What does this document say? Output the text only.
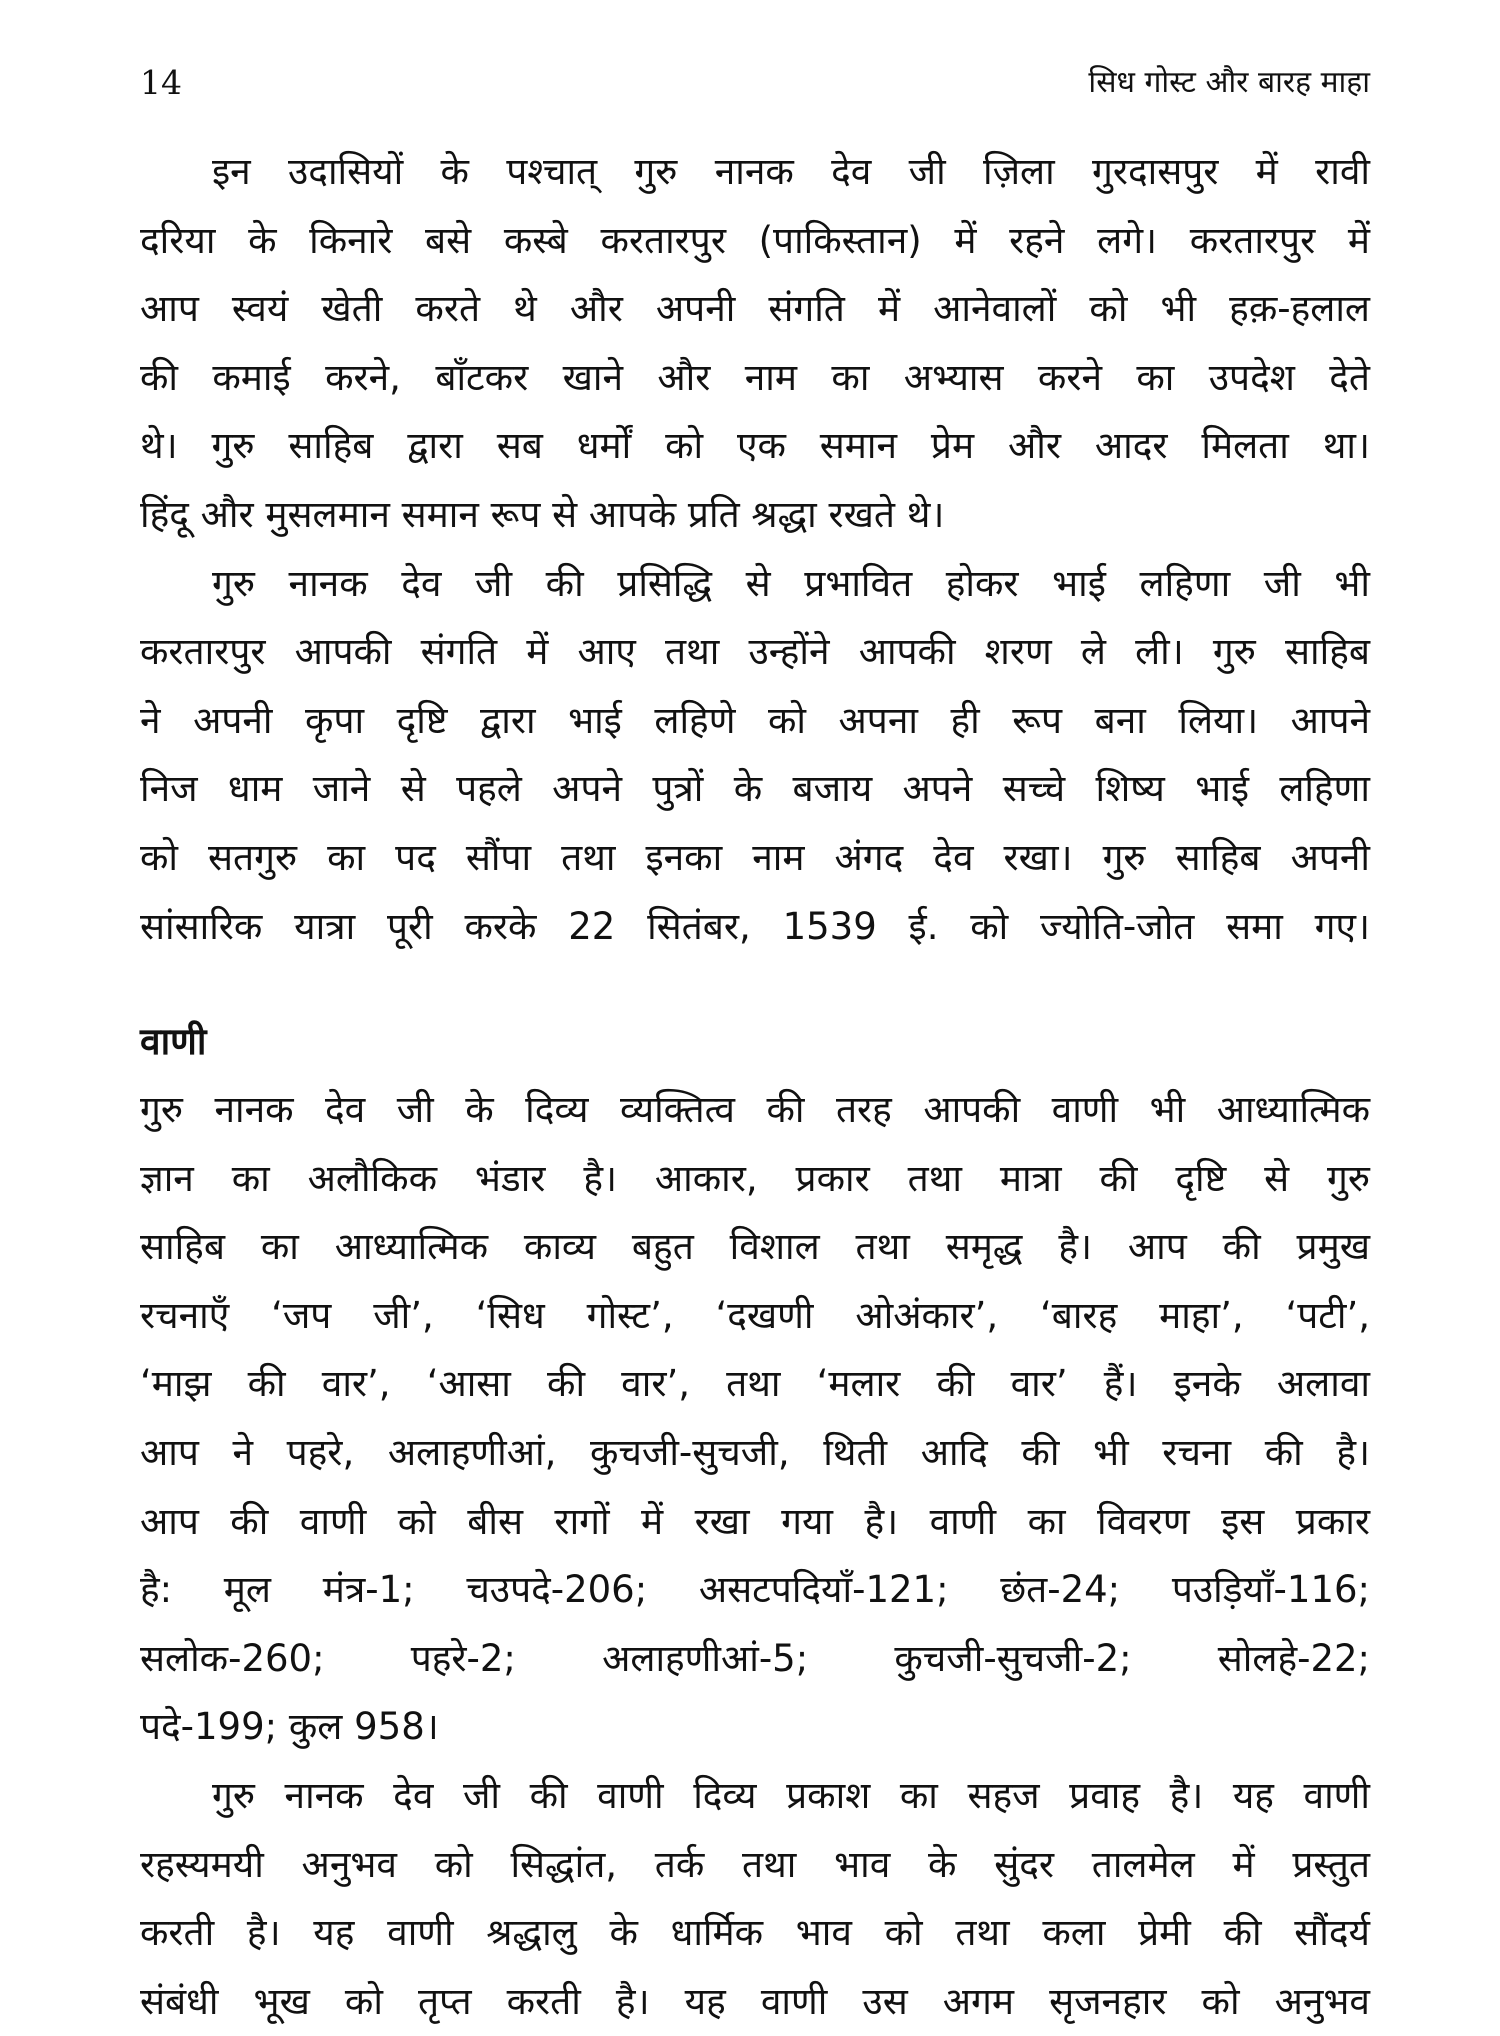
14	सिध गोस्ट और बारह माहा
इन उदासियों के पश्चात् गुरु नानक देव जी ज़िला गुरदासपुर में रावी
दरिया के किनारे बसे कस्बे करतारपुर (पाकिस्तान) में रहने लगे। करतारपुर में
आप स्वयं खेती करते थे और अपनी संगति में आनेवालों को भी हक़-हलाल
की कमाई करने, बाँटकर खाने और नाम का अभ्यास करने का उपदेश देते
थे। गुरु साहिब द्वारा सब धर्मों को एक समान प्रेम और आदर मिलता था।
हिंदू और मुसलमान समान रूप से आपके प्रति श्रद्धा रखते थे।
गुरु नानक देव जी की प्रसिद्धि से प्रभावित होकर भाई लहिणा जी भी
करतारपुर आपकी संगति में आए तथा उन्होंने आपकी शरण ले ली। गुरु साहिब
ने अपनी कृपा दृष्टि द्वारा भाई लहिणे को अपना ही रूप बना लिया। आपने
निज धाम जाने से पहले अपने पुत्रों के बजाय अपने सच्चे शिष्य भाई लहिणा
को सतगुरु का पद सौंपा तथा इनका नाम अंगद देव रखा। गुरु साहिब अपनी
सांसारिक यात्रा पूरी करके 22 सितंबर, 1539 ई. को ज्योति-जोत समा गए।
वाणी
गुरु नानक देव जी के दिव्य व्यक्तित्व की तरह आपकी वाणी भी आध्यात्मिक
ज्ञान का अलौकिक भंडार है। आकार, प्रकार तथा मात्रा की दृष्टि से गुरु
साहिब का आध्यात्मिक काव्य बहुत विशाल तथा समृद्ध है। आप की प्रमुख
रचनाएँ ‘जप जी’, ‘सिध गोस्ट’, ‘दखणी ओअंकार’, ‘बारह माहा’, ‘पटी’,
‘माझ की वार’, ‘आसा की वार’, तथा ‘मलार की वार’ हैं। इनके अलावा
आप ने पहरे, अलाहणीआं, कुचजी-सुचजी, थिती आदि की भी रचना की है।
आप की वाणी को बीस रागों में रखा गया है। वाणी का विवरण इस प्रकार
है: मूल मंत्र-1; चउपदे-206; असटपदियाँ-121; छंत-24; पउड़ियाँ-116;
सलोक-260; पहरे-2; अलाहणीआं-5; कुचजी-सुचजी-2; सोलहे-22;
पदे-199; कुल 958।
गुरु नानक देव जी की वाणी दिव्य प्रकाश का सहज प्रवाह है। यह वाणी
रहस्यमयी अनुभव को सिद्धांत, तर्क तथा भाव के सुंदर तालमेल में प्रस्तुत
करती है। यह वाणी श्रद्धालु के धार्मिक भाव को तथा कला प्रेमी की सौंदर्य
संबंधी भूख को तृप्त करती है। यह वाणी उस अगम सृजनहार को अनुभव
